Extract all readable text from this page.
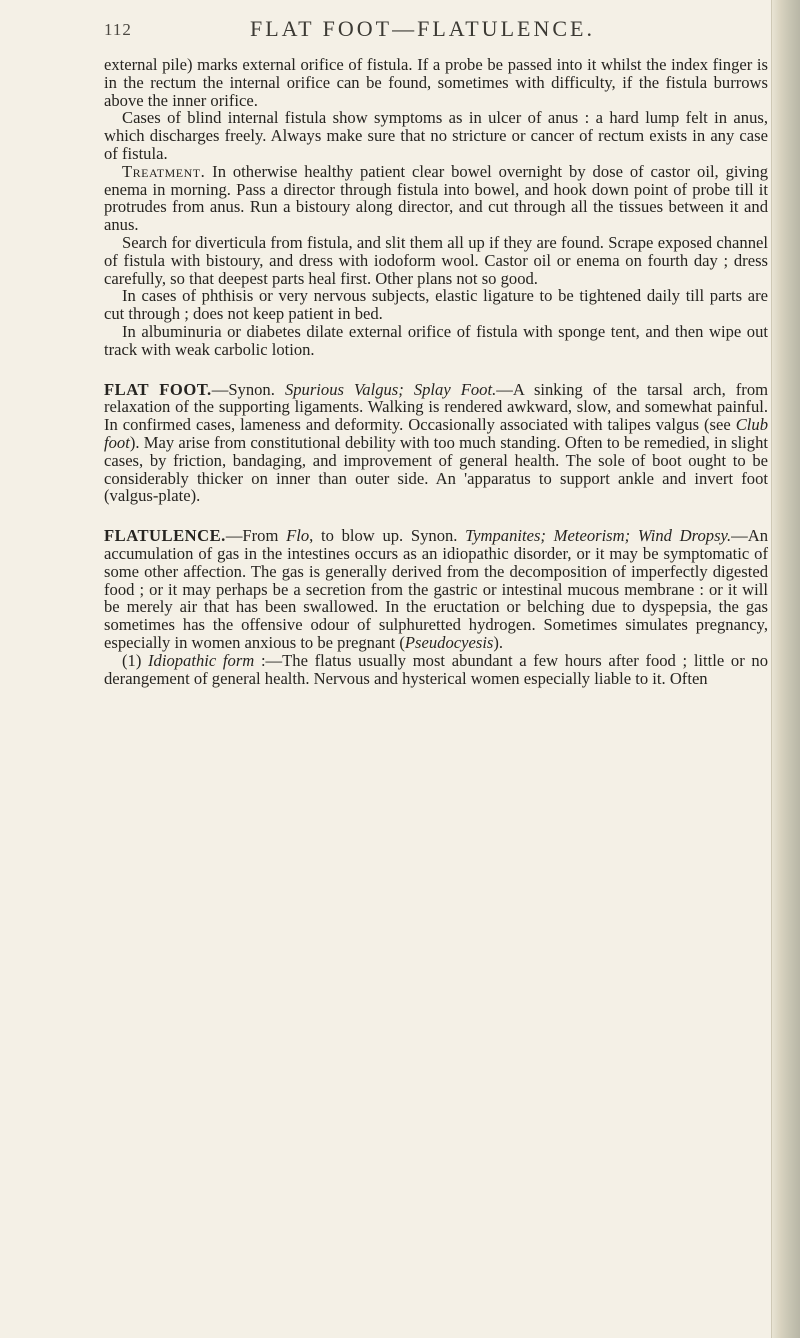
112	FLAT FOOT—FLATULENCE.

external pile) marks external orifice of fistula. If a probe be passed into it whilst the index finger is in the rectum the internal orifice can be found, sometimes with difficulty, if the fistula burrows above the inner orifice.

Cases of blind internal fistula show symptoms as in ulcer of anus : a hard lump felt in anus, which discharges freely. Always make sure that no stricture or cancer of rectum exists in any case of fistula.

Treatment. In otherwise healthy patient clear bowel overnight by dose of castor oil, giving enema in morning. Pass a director through fistula into bowel, and hook down point of probe till it protrudes from anus. Run a bistoury along director, and cut through all the tissues between it and anus.

Search for diverticula from fistula, and slit them all up if they are found. Scrape exposed channel of fistula with bistoury, and dress with iodoform wool. Castor oil or enema on fourth day ; dress carefully, so that deepest parts heal first. Other plans not so good.

In cases of phthisis or very nervous subjects, elastic ligature to be tightened daily till parts are cut through ; does not keep patient in bed.

In albuminuria or diabetes dilate external orifice of fistula with sponge tent, and then wipe out track with weak carbolic lotion.

FLAT FOOT.—Synon. Spurious Valgus; Splay Foot.—A sinking of the tarsal arch, from relaxation of the supporting ligaments. Walking is rendered awkward, slow, and somewhat painful. In confirmed cases, lameness and deformity. Occasionally associated with talipes valgus (see Club foot). May arise from constitutional debility with too much standing. Often to be remedied, in slight cases, by friction, bandaging, and improvement of general health. The sole of boot ought to be considerably thicker on inner than outer side. An 'apparatus to support ankle and invert foot (valgus-plate).

FLATULENCE.—From Flo, to blow up. Synon. Tympanites; Meteorism; Wind Dropsy.—An accumulation of gas in the intestines occurs as an idiopathic disorder, or it may be symptomatic of some other affection. The gas is generally derived from the decomposition of imperfectly digested food ; or it may perhaps be a secretion from the gastric or intestinal mucous membrane : or it will be merely air that has been swallowed. In the eructation or belching due to dyspepsia, the gas sometimes has the offensive odour of sulphuretted hydrogen. Sometimes simulates pregnancy, especially in women anxious to be pregnant (Pseudocyesis).

(1) Idiopathic form :—The flatus usually most abundant a few hours after food ; little or no derangement of general health. Nervous and hysterical women especially liable to it. Often
